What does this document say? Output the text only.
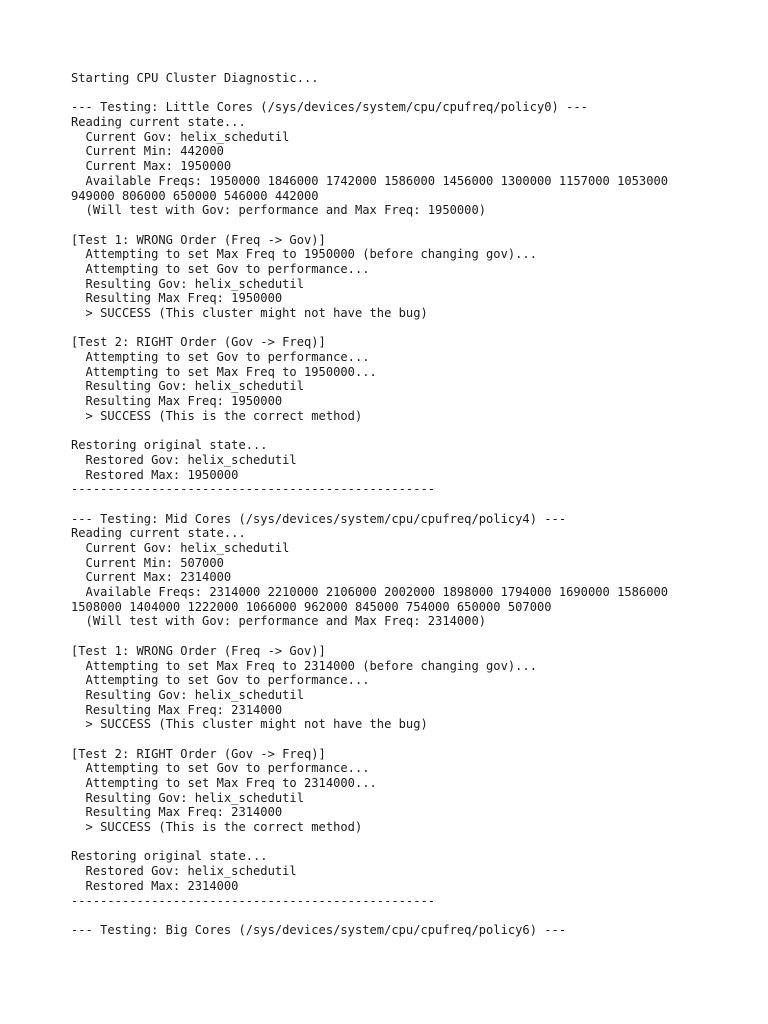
Starting CPU Cluster Diagnostic...
--- Testing: Little Cores (/sys/devices/system/cpu/cpufreq/policy0) ---
Reading current state...
Current Gov: helix_schedutil
Current Min: 442000
Current Max: 1950000
Available Freqs: 1950000 1846000 1742000 1586000 1456000 1300000 1157000 1053000
949000 806000 650000 546000 442000
(Will test with Gov: performance and Max Freq: 1950000)
[Test 1: WRONG Order (Freq -> Gov)]
Attempting to set Max Freq to 1950000 (before changing gov)...
Attempting to set Gov to performance...
Resulting Gov: helix_schedutil
Resulting Max Freq: 1950000
> SUCCESS (This cluster might not have the bug)
[Test 2: RIGHT Order (Gov -> Freq)]
Attempting to set Gov to performance...
Attempting to set Max Freq to 1950000...
Resulting Gov: helix_schedutil
Resulting Max Freq: 1950000
> SUCCESS (This is the correct method)
Restoring original state...
Restored Gov: helix_schedutil
Restored Max: 1950000
--------------------------------------------------
--- Testing: Mid Cores (/sys/devices/system/cpu/cpufreq/policy4) ---
Reading current state...
Current Gov: helix_schedutil
Current Min: 507000
Current Max: 2314000
Available Freqs: 2314000 2210000 2106000 2002000 1898000 1794000 1690000 1586000
1508000 1404000 1222000 1066000 962000 845000 754000 650000 507000
(Will test with Gov: performance and Max Freq: 2314000)
[Test 1: WRONG Order (Freq -> Gov)]
Attempting to set Max Freq to 2314000 (before changing gov)...
Attempting to set Gov to performance...
Resulting Gov: helix_schedutil
Resulting Max Freq: 2314000
> SUCCESS (This cluster might not have the bug)
[Test 2: RIGHT Order (Gov -> Freq)]
Attempting to set Gov to performance...
Attempting to set Max Freq to 2314000...
Resulting Gov: helix_schedutil
Resulting Max Freq: 2314000
> SUCCESS (This is the correct method)
Restoring original state...
Restored Gov: helix_schedutil
Restored Max: 2314000
--------------------------------------------------
--- Testing: Big Cores (/sys/devices/system/cpu/cpufreq/policy6) ---
